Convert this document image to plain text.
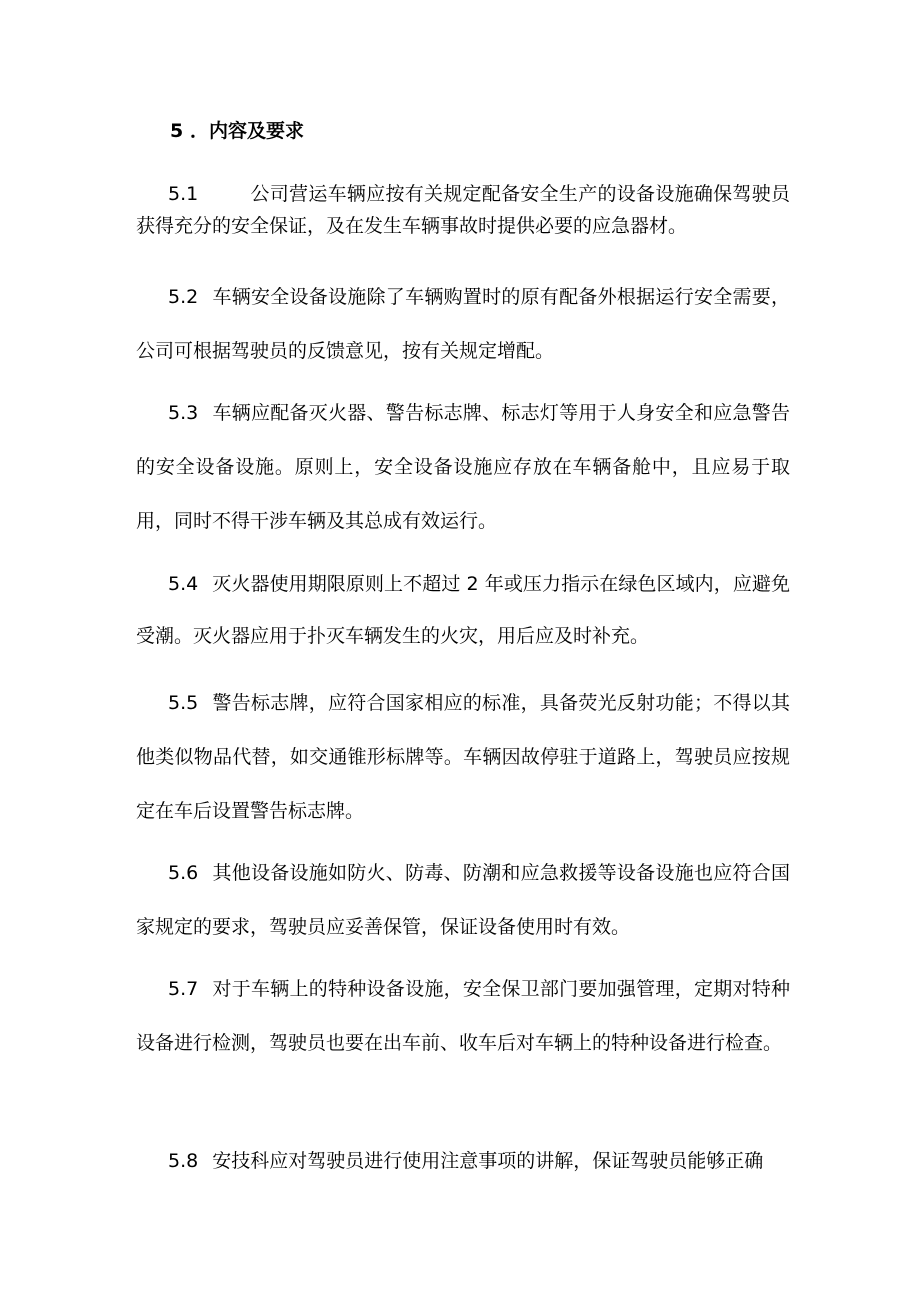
5 ．内容及要求

5.1	公司营运车辆应按有关规定配备安全生产的设备设施确保驾驶员获得充分的安全保证，及在发生车辆事故时提供必要的应急器材。

5.2 车辆安全设备设施除了车辆购置时的原有配备外根据运行安全需要，公司可根据驾驶员的反馈意见，按有关规定增配。

5.3 车辆应配备灭火器、警告标志牌、标志灯等用于人身安全和应急警告的安全设备设施。原则上，安全设备设施应存放在车辆备舱中，且应易于取用，同时不得干涉车辆及其总成有效运行。

5.4 灭火器使用期限原则上不超过 2 年或压力指示在绿色区域内，应避免受潮。灭火器应用于扑灭车辆发生的火灾，用后应及时补充。

5.5 警告标志牌，应符合国家相应的标准，具备荧光反射功能；不得以其他类似物品代替，如交通锥形标牌等。车辆因故停驻于道路上，驾驶员应按规定在车后设置警告标志牌。

5.6 其他设备设施如防火、防毒、防潮和应急救援等设备设施也应符合国家规定的要求，驾驶员应妥善保管，保证设备使用时有效。

5.7 对于车辆上的特种设备设施，安全保卫部门要加强管理，定期对特种设备进行检测，驾驶员也要在出车前、收车后对车辆上的特种设备进行检查。

5.8 安技科应对驾驶员进行使用注意事项的讲解，保证驾驶员能够正确
